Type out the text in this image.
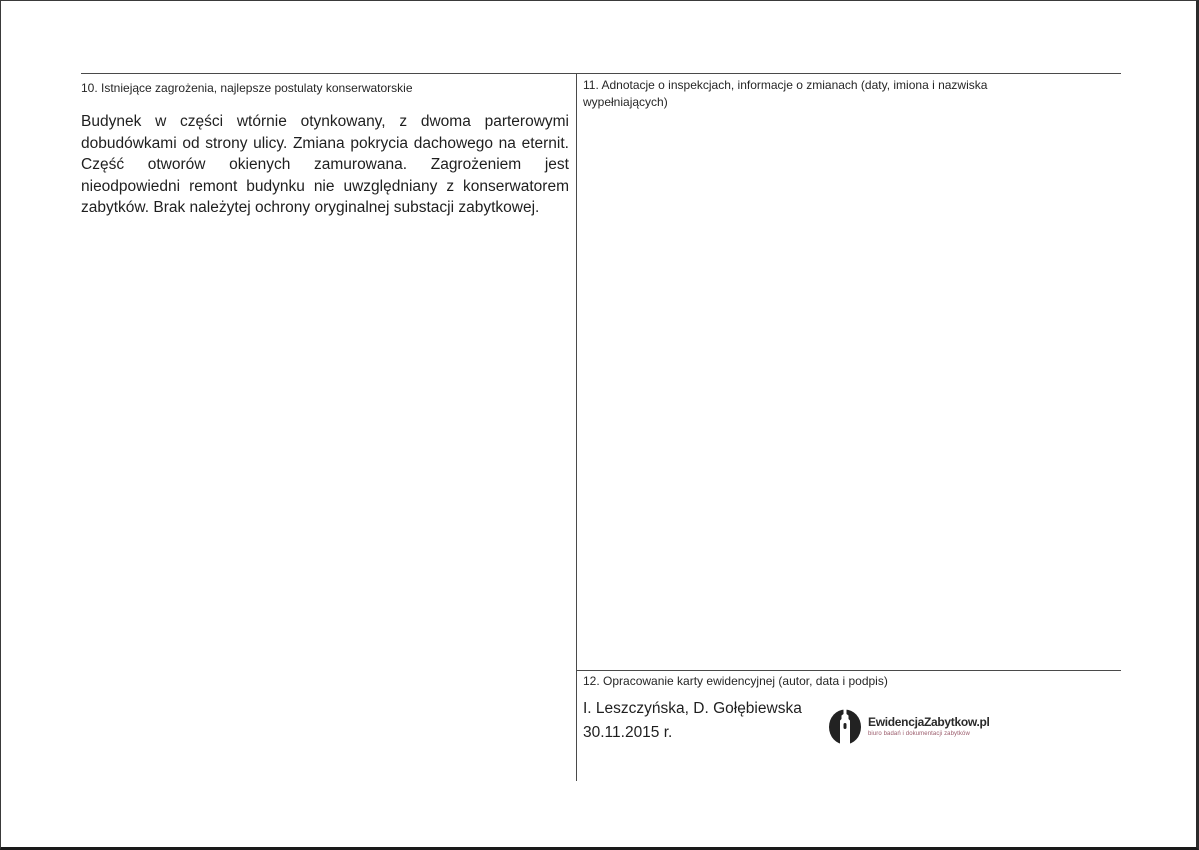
10. Istniejące zagrożenia, najlepsze postulaty konserwatorskie
Budynek w części wtórnie otynkowany, z dwoma parterowymi
dobudówkami od strony ulicy. Zmiana pokrycia dachowego na eternit.
Część otworów okienych zamurowana. Zagrożeniem jest
nieodpowiedni remont budynku nie uwzględniany z konserwatorem
zabytków. Brak należytej ochrony oryginalnej substacji zabytkowej.
11. Adnotacje o inspekcjach, informacje o zmianach (daty, imiona i nazwiska
wypełniających)
12. Opracowanie karty ewidencyjnej (autor, data i podpis)
I. Leszczyńska, D. Gołębiewska
30.11.2015 r.
EwidencjaZabytkow.pl
biuro badań i dokumentacji zabytków
